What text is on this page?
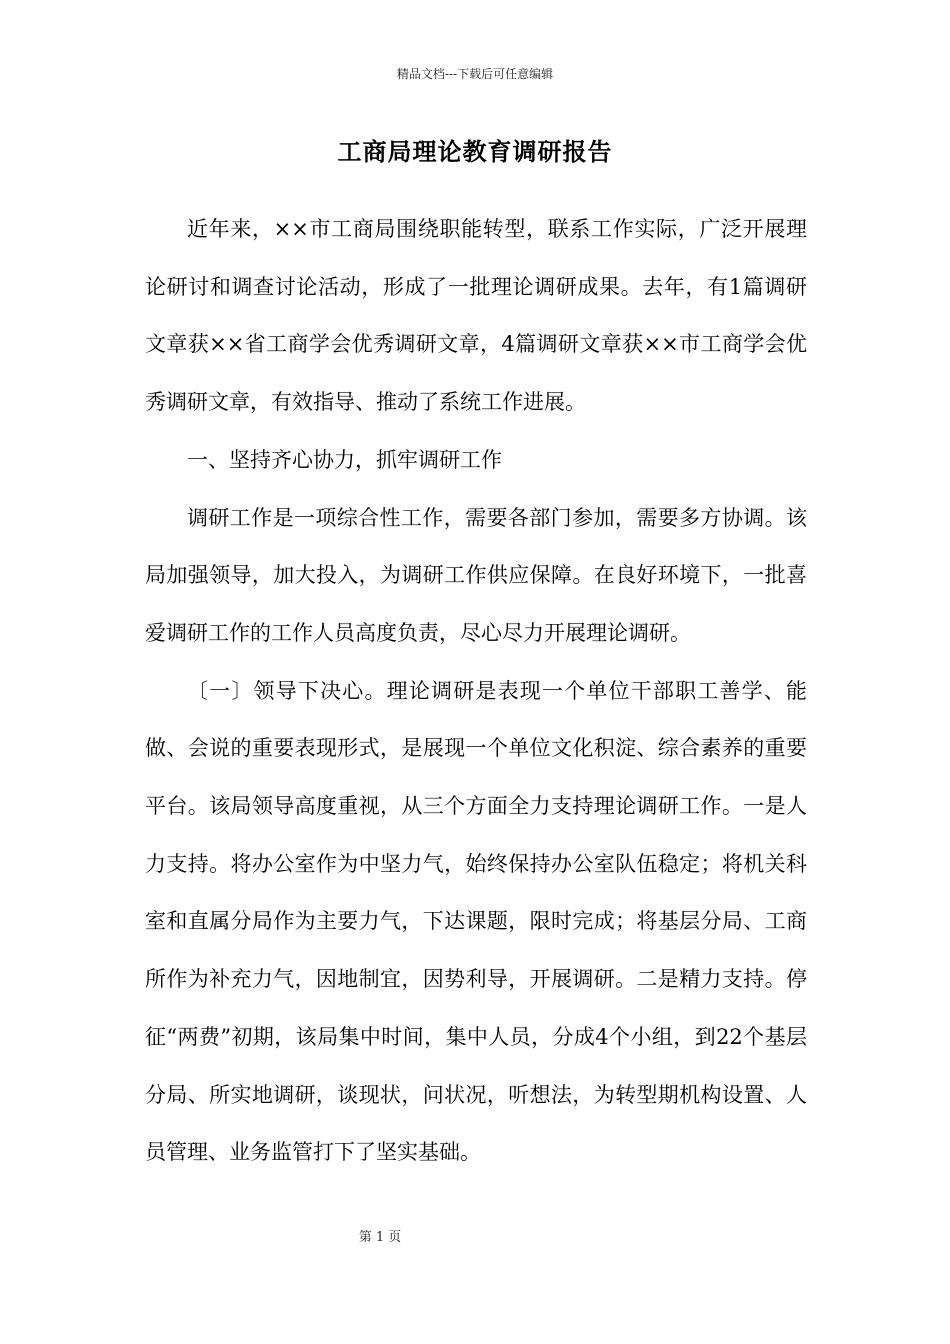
精品文档---下载后可任意编辑
工商局理论教育调研报告

近年来，××市工商局围绕职能转型，联系工作实际，广泛开展理论研讨和调查讨论活动，形成了一批理论调研成果。去年，有1篇调研文章获××省工商学会优秀调研文章，4篇调研文章获××市工商学会优秀调研文章，有效指导、推动了系统工作进展。

一、坚持齐心协力，抓牢调研工作

调研工作是一项综合性工作，需要各部门参加，需要多方协调。该局加强领导，加大投入，为调研工作供应保障。在良好环境下，一批喜爱调研工作的工作人员高度负责，尽心尽力开展理论调研。

〔一〕领导下决心。理论调研是表现一个单位干部职工善学、能做、会说的重要表现形式，是展现一个单位文化积淀、综合素养的重要平台。该局领导高度重视，从三个方面全力支持理论调研工作。一是人力支持。将办公室作为中坚力气，始终保持办公室队伍稳定；将机关科室和直属分局作为主要力气，下达课题，限时完成；将基层分局、工商所作为补充力气，因地制宜，因势利导，开展调研。二是精力支持。停征“两费”初期，该局集中时间，集中人员，分成4个小组，到22个基层分局、所实地调研，谈现状，问状况，听想法，为转型期机构设置、人员管理、业务监管打下了坚实基础。

第 1 页
